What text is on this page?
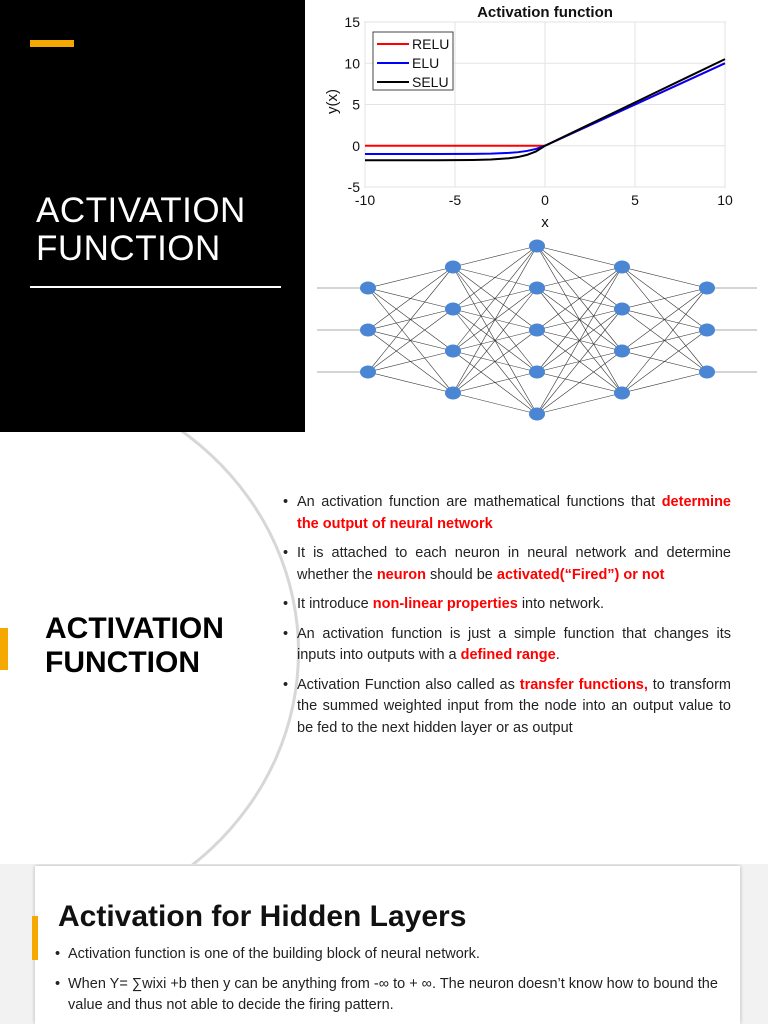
ACTIVATION
FUNCTION
-10	-5	0	5	10
-5
0
5
10
15
Activation function
x
y(x)
RELU
ELU
SELU
ACTIVATION
FUNCTION
• An activation function are mathematical functions that determine the output of neural network
• It is attached to each neuron in neural network and determine whether the neuron should be activated(“Fired”) or not
• It introduce non-linear properties into network.
• An activation function is just a simple function that changes its inputs into outputs with a defined range.
• Activation Function also called as transfer functions, to transform the summed weighted input from the node into an output value to be fed to the next hidden layer or as output
Activation for Hidden Layers
• Activation function is one of the building block of neural network.
• When Y= ∑wixi +b then y can be anything from -∞ to + ∞. The neuron doesn’t know how to bound the value and thus not able to decide the firing pattern.
